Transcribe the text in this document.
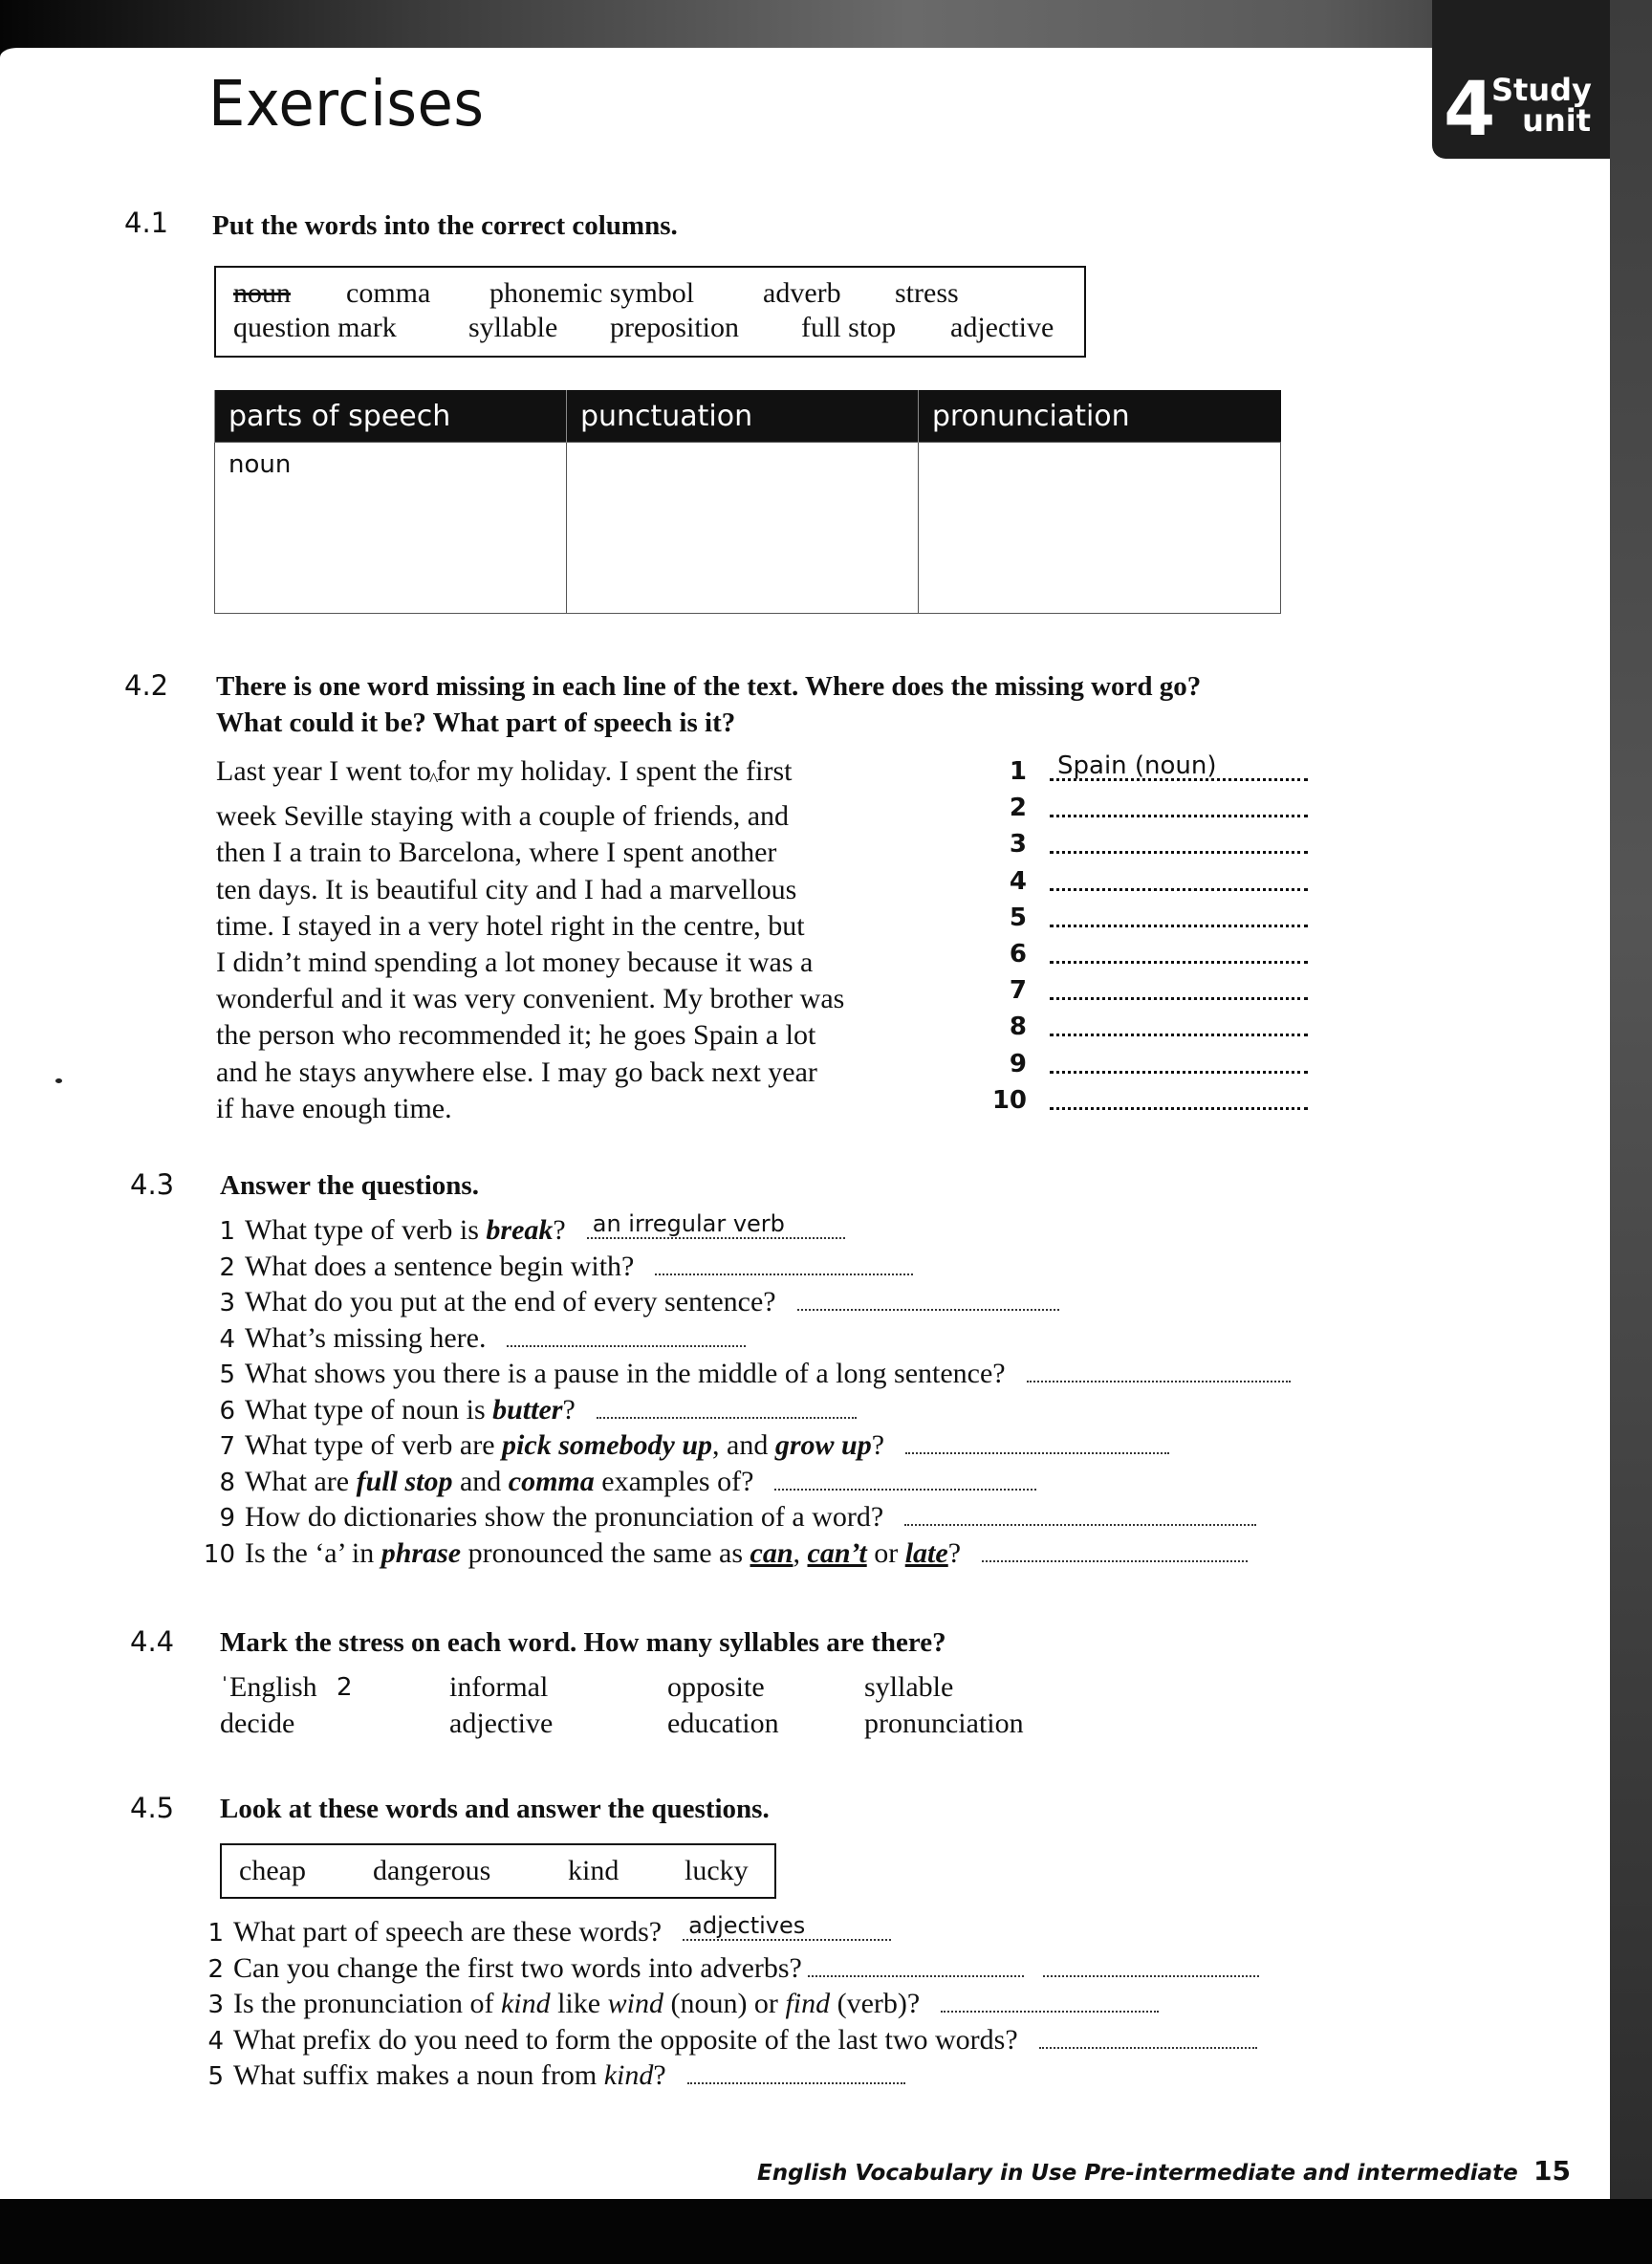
4
Study
unit
Exercises
4.1 Put the words into the correct columns.
noun comma phonemic symbol adverb stress
question mark	syllable preposition full stop adjective
parts of speech	punctuation	pronunciation
noun		
4.2 There is one word missing in each line of the text. Where does the missing word go?
What could it be? What part of speech is it?
Last year I went $to_{\^{}}for$ my holiday. I spent the first
week Seville staying with a couple of friends, and
then I a train to Barcelona, where I spent another
ten days. It is beautiful city and I had a marvellous
time. I stayed in a very hotel right in the centre, but
I didn’t mind spending a lot money because it was a
wonderful and it was very convenient. My brother was
the person who recommended it; he goes Spain a lot
and he stays anywhere else. I may go back next year
if have enough time.
1 Spain (noun)
2
3
4
5
6
7
8
9
10
4.3 Answer the questions.
1 What type of verb is break? an irregular verb
2 What does a sentence begin with?
3 What do you put at the end of every sentence?
4 What’s missing here.
5 What shows you there is a pause in the middle of a long sentence?
6 What type of noun is butter?
7 What type of verb are pick somebody up, and grow up?
8 What are full stop and comma examples of?
9 How do dictionaries show the pronunciation of a word?
10 Is the ‘a’ in phrase pronounced the same as can, can’t or late?
4.4 Mark the stress on each word. How many syllables are there?
ˈEnglish 2	informal	opposite	syllable
decide	adjective	education	pronunciation
4.5 Look at these words and answer the questions.
cheap dangerous	kind lucky
1 What part of speech are these words? adjectives
2 Can you change the first two words into adverbs?
3 Is the pronunciation of kind like wind (noun) or find (verb)?
4 What prefix do you need to form the opposite of the last two words?
5 What suffix makes a noun from kind?
English Vocabulary in Use Pre-intermediate and intermediate 15
